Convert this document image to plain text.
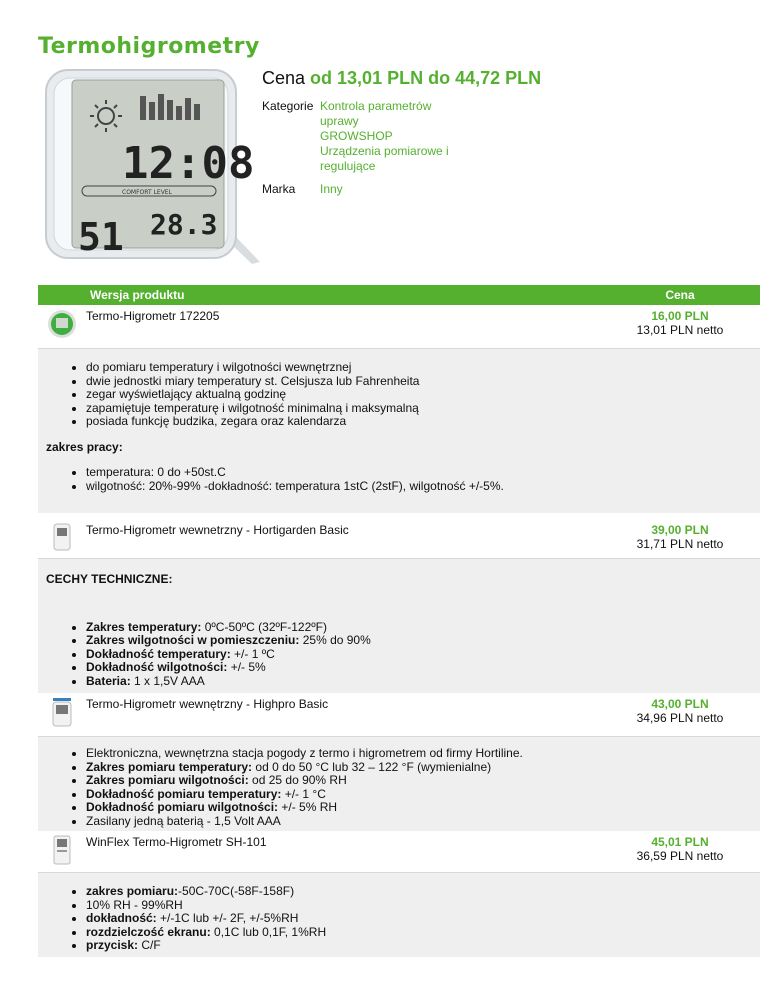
Termohigrometry
12:08
COMFORT LEVEL
51 28.3
Cena od 13,01 PLN do 44,72 PLN
Kategorie Kontrola parametrów uprawy
GROWSHOP
Urządzenia pomiarowe i regulujące
Marka	Inny
Wersja produktu	Cena
Termo-Higrometr 172205	16,00 PLN
13,01 PLN netto
• do pomiaru temperatury i wilgotności wewnętrznej
• dwie jednostki miary temperatury st. Celsjusza lub Fahrenheita
• zegar wyświetlający aktualną godzinę
• zapamiętuje temperaturę i wilgotność minimalną i maksymalną
• posiada funkcję budzika, zegara oraz kalendarza

zakres pracy:

• temperatura: 0 do +50st.C
• wilgotność: 20%-99% -dokładność: temperatura 1stC (2stF), wilgotność +/-5%.
Termo-Higrometr wewnetrzny - Hortigarden Basic	39,00 PLN
31,71 PLN netto

CECHY TECHNICZNE:

• Zakres temperatury: 0ºC-50ºC (32ºF-122ºF)
• Zakres wilgotności w pomieszczeniu: 25% do 90%
• Dokładność temperatury: +/- 1 ºC
• Dokładność wilgotności: +/- 5%
• Bateria: 1 x 1,5V AAA
Termo-Higrometr wewnętrzny - Highpro Basic	43,00 PLN
34,96 PLN netto
• Elektroniczna, wewnętrzna stacja pogody z termo i higrometrem od firmy Hortiline.
• Zakres pomiaru temperatury: od 0 do 50 °C lub 32 – 122 °F (wymienialne)
• Zakres pomiaru wilgotności: od 25 do 90% RH
• Dokładność pomiaru temperatury: +/- 1 °C
• Dokładność pomiaru wilgotności: +/- 5% RH
• Zasilany jedną baterią - 1,5 Volt AAA
WinFlex Termo-Higrometr SH-101	45,01 PLN
36,59 PLN netto
• zakres pomiaru:-50C-70C(-58F-158F)
• 10% RH - 99%RH
• dokładność: +/-1C lub +/- 2F, +/-5%RH
• rozdzielczość ekranu: 0,1C lub 0,1F, 1%RH
• przycisk: C/F
